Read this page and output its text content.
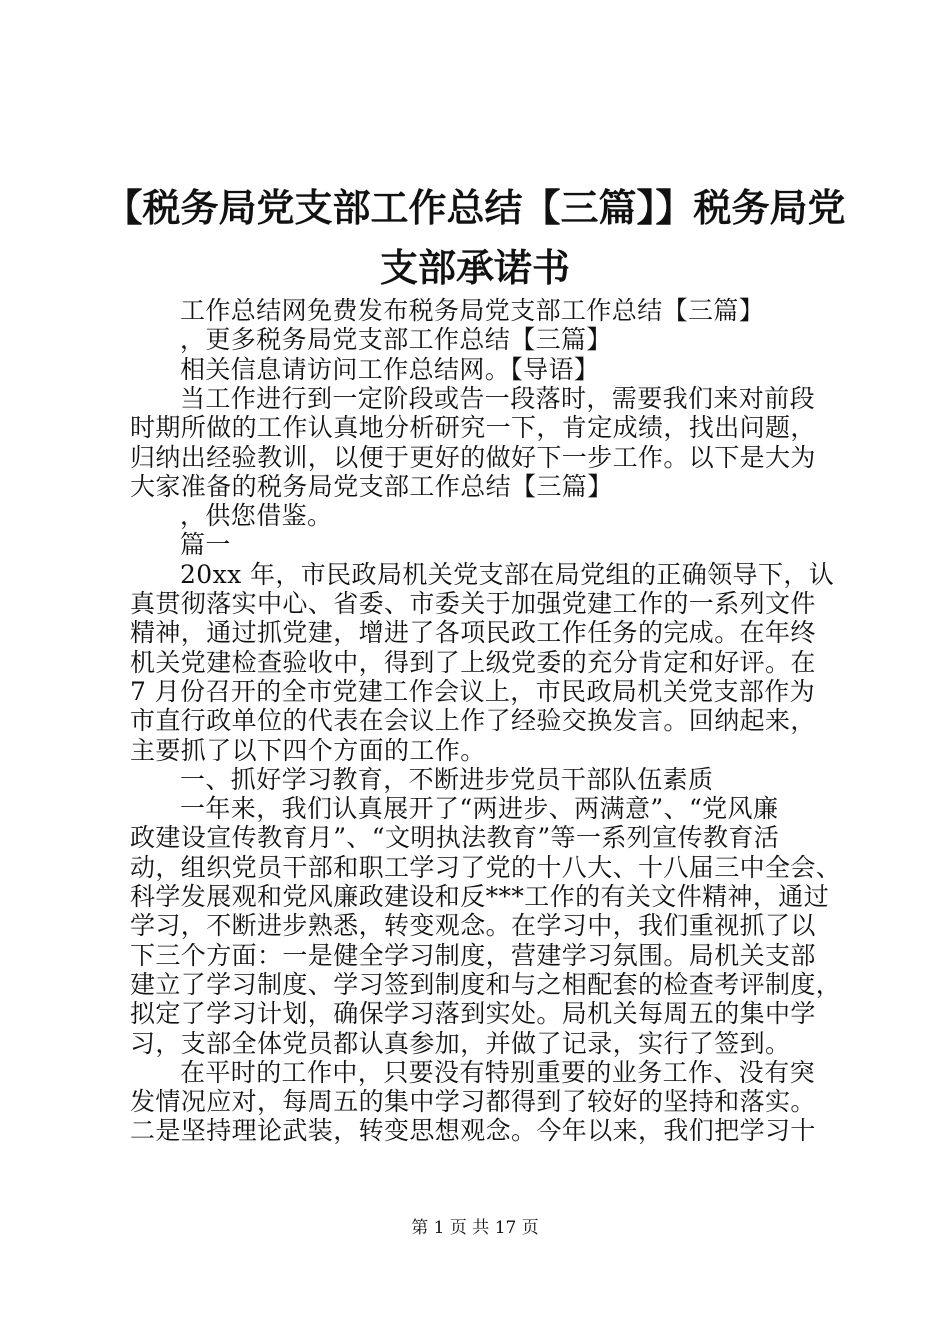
【税务局党支部工作总结【三篇】】税务局党
支部承诺书
工作总结网免费发布税务局党支部工作总结【三篇】
，更多税务局党支部工作总结【三篇】
相关信息请访问工作总结网。【导语】
当工作进行到一定阶段或告一段落时，需要我们来对前段
时期所做的工作认真地分析研究一下，肯定成绩，找出问题，
归纳出经验教训，以便于更好的做好下一步工作。以下是大为
大家准备的税务局党支部工作总结【三篇】
，供您借鉴。
篇一
20xx 年，市民政局机关党支部在局党组的正确领导下，认
真贯彻落实中心、省委、市委关于加强党建工作的一系列文件
精神，通过抓党建，增进了各项民政工作任务的完成。在年终
机关党建检查验收中，得到了上级党委的充分肯定和好评。在
7 月份召开的全市党建工作会议上，市民政局机关党支部作为
市直行政单位的代表在会议上作了经验交换发言。回纳起来，
主要抓了以下四个方面的工作。
一、抓好学习教育，不断进步党员干部队伍素质
一年来，我们认真展开了“两进步、两满意”、“党风廉
政建设宣传教育月”、“文明执法教育”等一系列宣传教育活
动，组织党员干部和职工学习了党的十八大、十八届三中全会、
科学发展观和党风廉政建设和反***工作的有关文件精神，通过
学习，不断进步熟悉，转变观念。在学习中，我们重视抓了以
下三个方面：一是健全学习制度，营建学习氛围。局机关支部
建立了学习制度、学习签到制度和与之相配套的检查考评制度，
拟定了学习计划，确保学习落到实处。局机关每周五的集中学
习，支部全体党员都认真参加，并做了记录，实行了签到。
在平时的工作中，只要没有特别重要的业务工作、没有突
发情况应对，每周五的集中学习都得到了较好的坚持和落实。
二是坚持理论武装，转变思想观念。今年以来，我们把学习十
第 1 页 共 17 页
